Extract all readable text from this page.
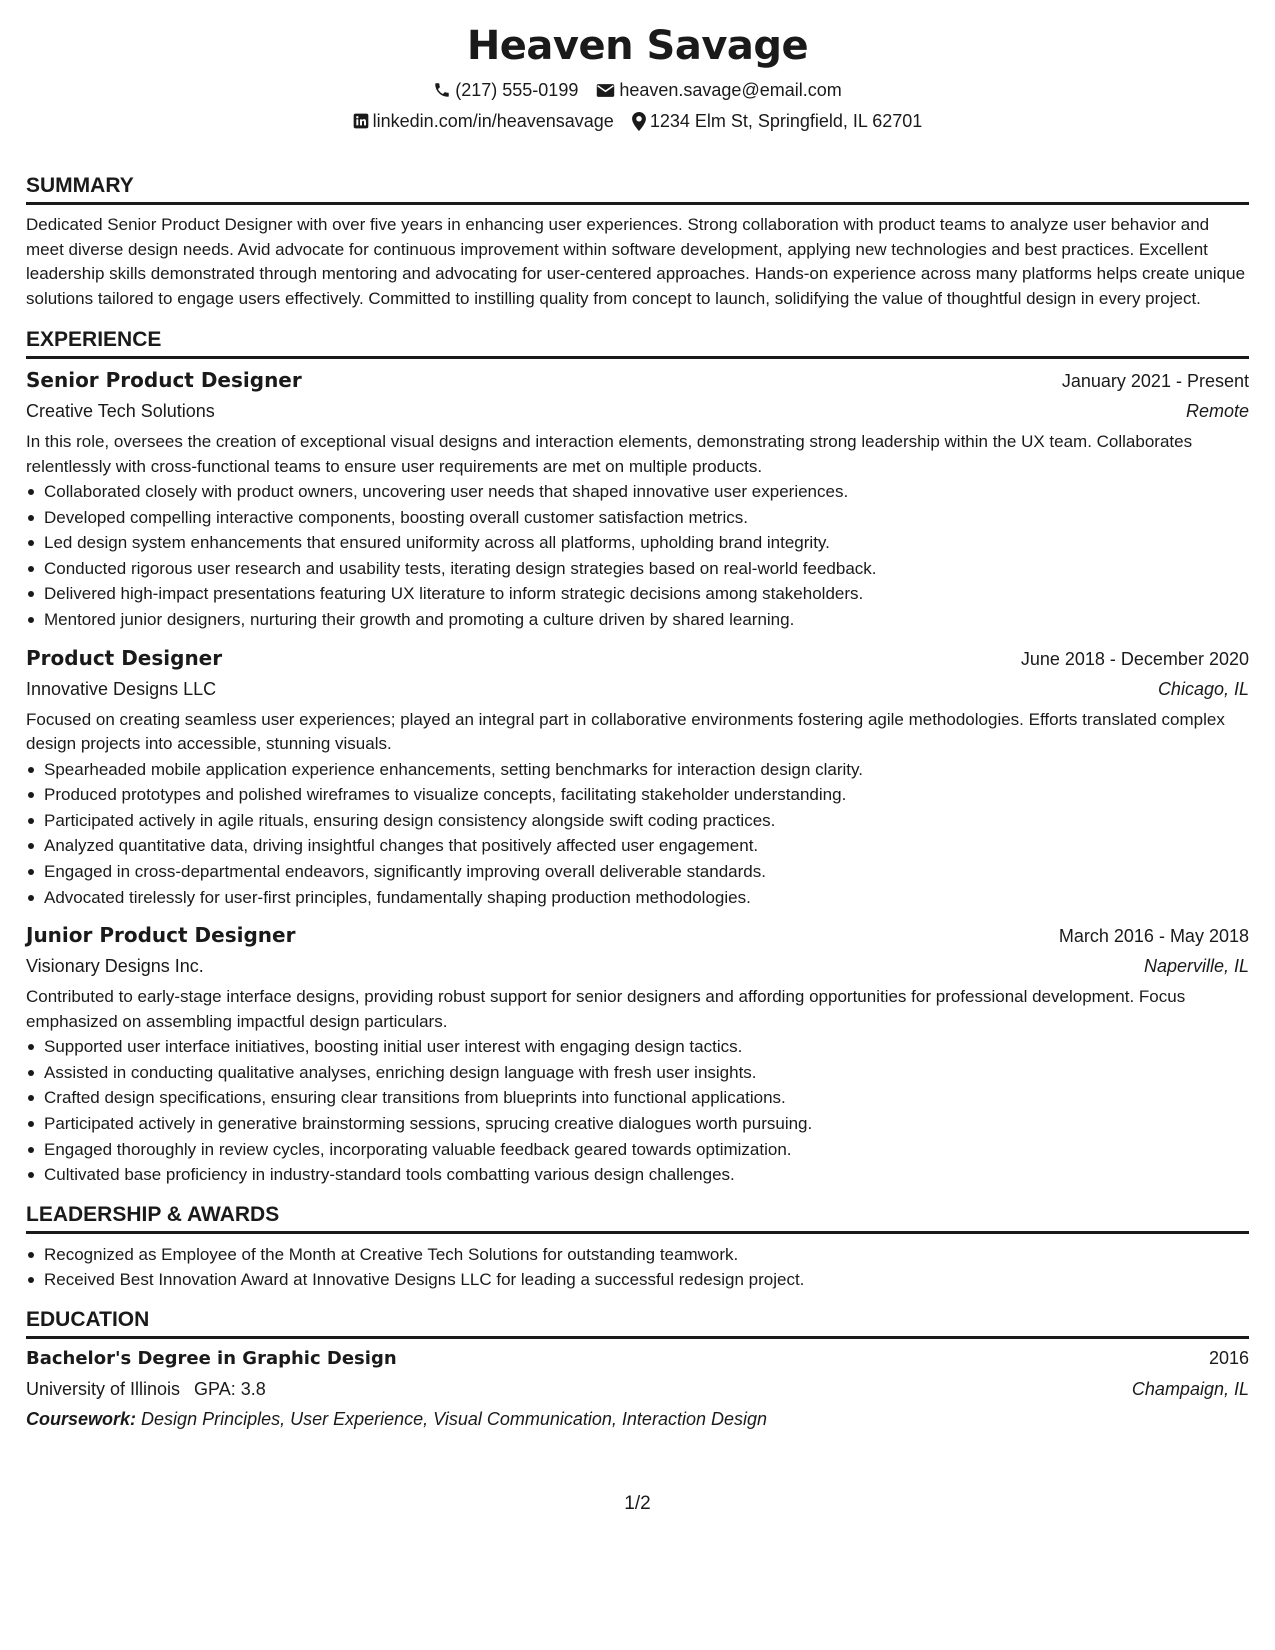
Heaven Savage
(217) 555-0199 heaven.savage@email.com
linkedin.com/in/heavensavage 1234 Elm St, Springfield, IL 62701
SUMMARY

Dedicated Senior Product Designer with over five years in enhancing user experiences. Strong collaboration with product teams to analyze user behavior and meet diverse design needs. Avid advocate for continuous improvement within software development, applying new technologies and best practices. Excellent leadership skills demonstrated through mentoring and advocating for user-centered approaches. Hands-on experience across many platforms helps create unique solutions tailored to engage users effectively. Committed to instilling quality from concept to launch, solidifying the value of thoughtful design in every project.

EXPERIENCE
Senior Product Designer	January 2021 - Present
Creative Tech Solutions	Remote

In this role, oversees the creation of exceptional visual designs and interaction elements, demonstrating strong leadership within the UX team. Collaborates relentlessly with cross-functional teams to ensure user requirements are met on multiple products.

Collaborated closely with product owners, uncovering user needs that shaped innovative user experiences.
Developed compelling interactive components, boosting overall customer satisfaction metrics.
Led design system enhancements that ensured uniformity across all platforms, upholding brand integrity.
Conducted rigorous user research and usability tests, iterating design strategies based on real-world feedback.
Delivered high-impact presentations featuring UX literature to inform strategic decisions among stakeholders.
Mentored junior designers, nurturing their growth and promoting a culture driven by shared learning.
Product Designer	June 2018 - December 2020
Innovative Designs LLC	Chicago, IL

Focused on creating seamless user experiences; played an integral part in collaborative environments fostering agile methodologies. Efforts translated complex design projects into accessible, stunning visuals.

Spearheaded mobile application experience enhancements, setting benchmarks for interaction design clarity.
Produced prototypes and polished wireframes to visualize concepts, facilitating stakeholder understanding.
Participated actively in agile rituals, ensuring design consistency alongside swift coding practices.
Analyzed quantitative data, driving insightful changes that positively affected user engagement.
Engaged in cross-departmental endeavors, significantly improving overall deliverable standards.
Advocated tirelessly for user-first principles, fundamentally shaping production methodologies.
Junior Product Designer	March 2016 - May 2018
Visionary Designs Inc.	Naperville, IL

Contributed to early-stage interface designs, providing robust support for senior designers and affording opportunities for professional development. Focus emphasized on assembling impactful design particulars.

Supported user interface initiatives, boosting initial user interest with engaging design tactics.
Assisted in conducting qualitative analyses, enriching design language with fresh user insights.
Crafted design specifications, ensuring clear transitions from blueprints into functional applications.
Participated actively in generative brainstorming sessions, sprucing creative dialogues worth pursuing.
Engaged thoroughly in review cycles, incorporating valuable feedback geared towards optimization.
Cultivated base proficiency in industry-standard tools combatting various design challenges.
LEADERSHIP & AWARDS
Recognized as Employee of the Month at Creative Tech Solutions for outstanding teamwork.
Received Best Innovation Award at Innovative Designs LLC for leading a successful redesign project.
EDUCATION
Bachelor's Degree in Graphic Design	2016
University of Illinois GPA: 3.8	Champaign, IL
Coursework: Design Principles, User Experience, Visual Communication, Interaction Design
1/2
